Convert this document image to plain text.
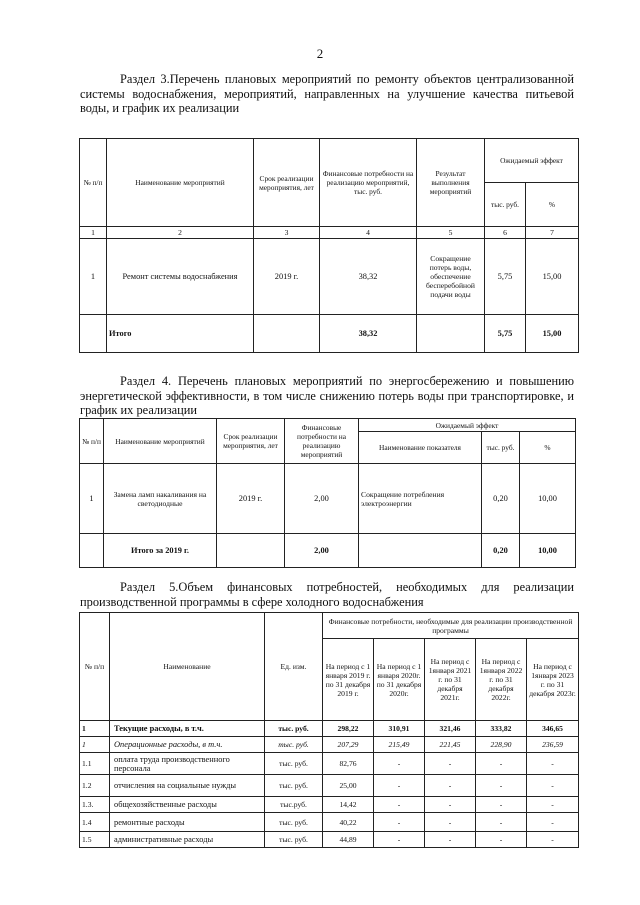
2
Раздел 3.Перечень плановых мероприятий по ремонту объектов централизованной системы водоснабжения, мероприятий, направленных на улучшение качества питьевой воды, и график их реализации
№ п/п	Наименование мероприятий	Срок реализации мероприятия, лет	Финансовые потребности на реализацию мероприятий, тыс. руб.	Результат выполнения мероприятий	Ожидаемый эффект	
					тыс. руб.	%
1	2	3	4	5	6	7
1	Ремонт системы водоснабжения	2019 г.	38,32	Сокращение потерь воды, обеспечение бесперебойной подачи воды	5,75	15,00
	Итого		38,32		5,75	15,00
Раздел 4. Перечень плановых мероприятий по энергосбережению и повышению энергетической эффективности, в том числе снижению потерь воды при транспортировке, и график их реализации
№ п/п	Наименование мероприятий	Срок реализации мероприятия, лет	Финансовые потребности на реализацию мероприятий	Ожидаемый эффект		
				Наименование показателя	тыс. руб.	%
1	Замена ламп накаливания на светодиодные	2019 г.	2,00	Сокращение потребления электроэнергии	0,20	10,00
	Итого за 2019 г.		2,00		0,20	10,00
Раздел 5.Объем финансовых потребностей, необходимых для реализации производственной программы в сфере холодного водоснабжения
№ п/п	Наименование	Ед. изм.	Финансовые потребности, необходимые для реализации производственной программы				
			На период с 1 января 2019 г. по 31 декабря 2019 г.	На период с 1 января 2020г. по 31 декабря 2020г.	На период с 1января 2021 г. по 31 декабря 2021г.	На период с 1января 2022 г. по 31 декабря 2022г.	На период с 1января 2023 г. по 31 декабря 2023г.
1	Текущие расходы, в т.ч.	тыс. руб.	298,22	310,91	321,46	333,82	346,65
1	Операционные расходы, в т.ч.	тыс. руб.	207,29	215,49	221,45	228,90	236,59
1.1	оплата труда производственного персонала	тыс. руб.	82,76	-	-	-	-
1.2	отчисления на социальные нужды	тыс. руб.	25,00	-	-	-	-
1.3.	общехозяйственные расходы	тыс.руб.	14,42	-	-	-	-
1.4	ремонтные расходы	тыс. руб.	40,22	-	-	-	-
1.5	административные расходы	тыс. руб.	44,89	-	-	-	-
